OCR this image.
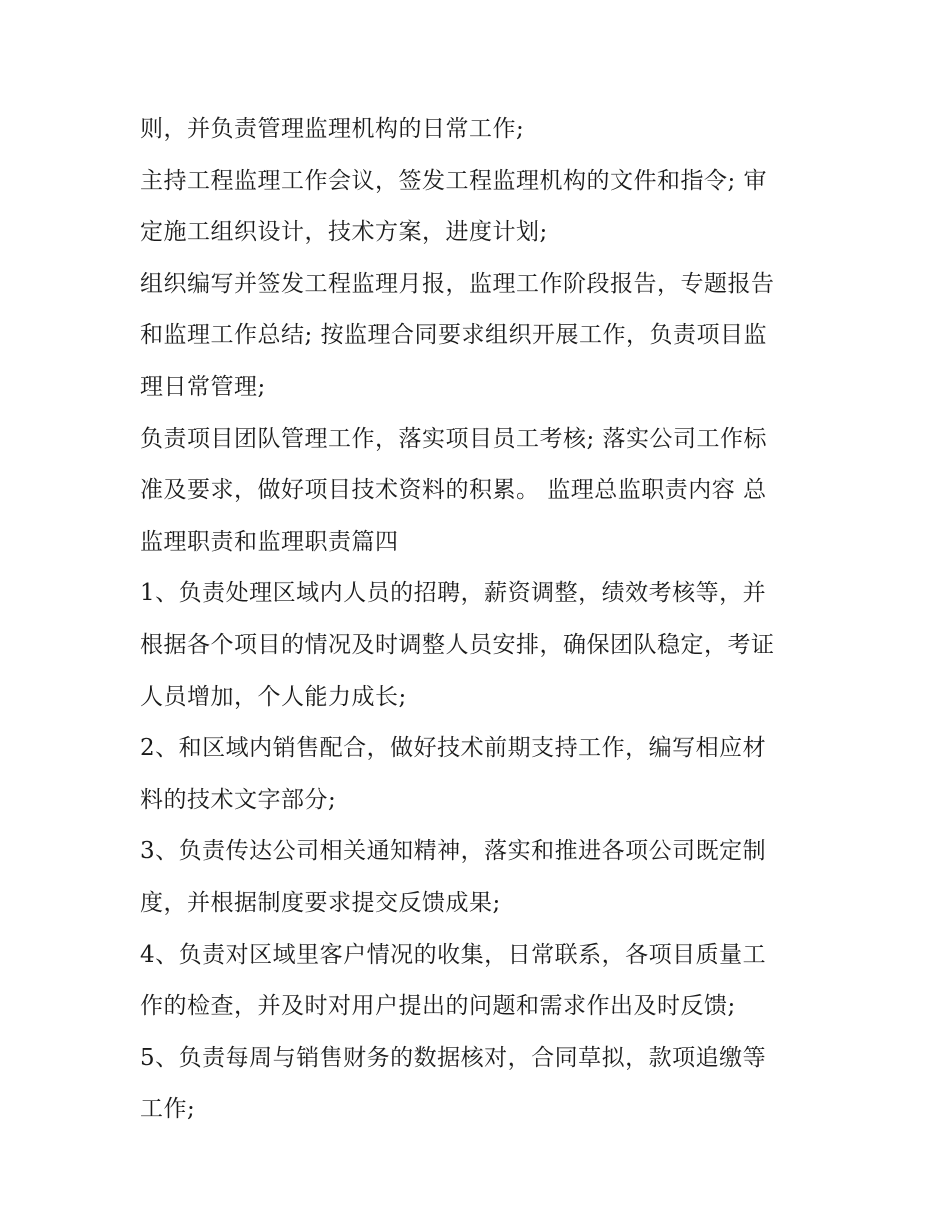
则，并负责管理监理机构的日常工作;
主持工程监理工作会议，签发工程监理机构的文件和指令; 审
定施工组织设计，技术方案，进度计划;
组织编写并签发工程监理月报，监理工作阶段报告，专题报告
和监理工作总结; 按监理合同要求组织开展工作，负责项目监
理日常管理;
负责项目团队管理工作，落实项目员工考核; 落实公司工作标
准及要求，做好项目技术资料的积累。 监理总监职责内容 总
监理职责和监理职责篇四
1、负责处理区域内人员的招聘，薪资调整，绩效考核等，并
根据各个项目的情况及时调整人员安排，确保团队稳定，考证
人员增加，个人能力成长;
2、和区域内销售配合，做好技术前期支持工作，编写相应材
料的技术文字部分;
3、负责传达公司相关通知精神，落实和推进各项公司既定制
度，并根据制度要求提交反馈成果;
4、负责对区域里客户情况的收集，日常联系，各项目质量工
作的检查，并及时对用户提出的问题和需求作出及时反馈;
5、负责每周与销售财务的数据核对，合同草拟，款项追缴等
工作;
